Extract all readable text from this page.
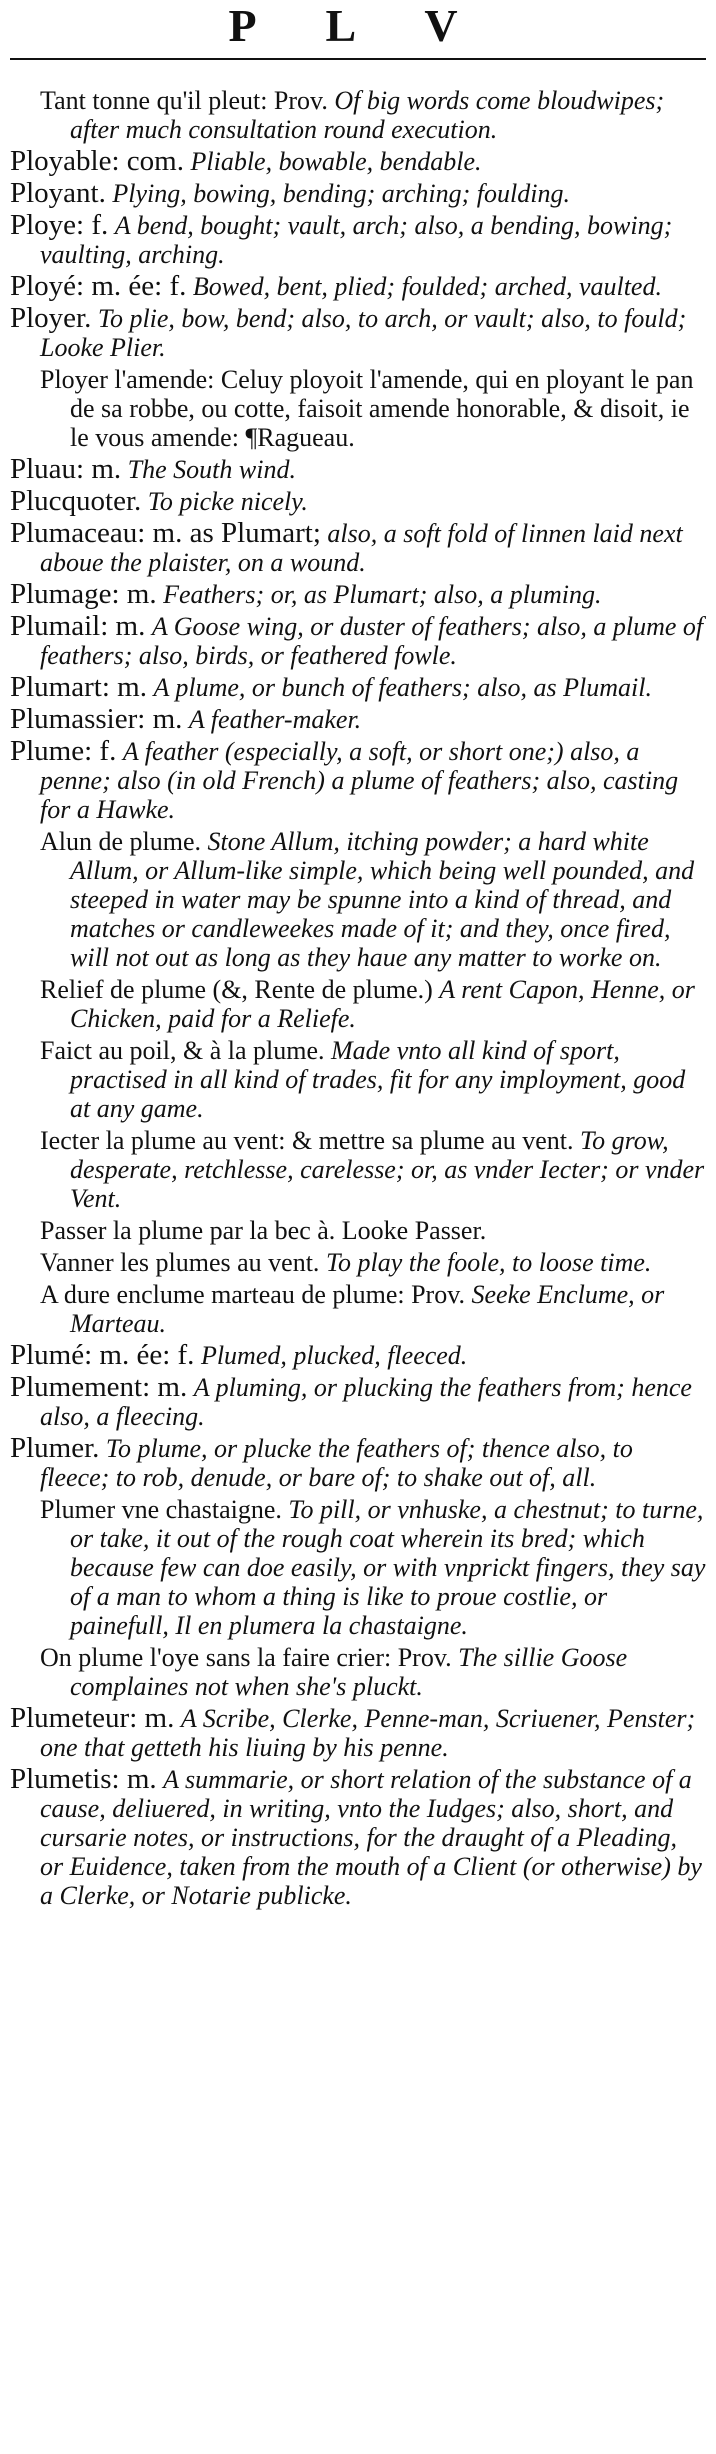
P L V
Tant tonne qu'il pleut: Prov. Of big words come bloudwipes; after much consultation round execution.
Ployable: com. Pliable, bowable, bendable.
Ployant. Plying, bowing, bending; arching; foulding.
Ploye: f. A bend, bought; vault, arch; also, a bending, bowing; vaulting, arching.
Ployé: m. ée: f. Bowed, bent, plied; foulded; arched, vaulted.
Ployer. To plie, bow, bend; also, to arch, or vault; also, to fould; Looke Plier.
Ployer l'amende: Celuy ployoit l'amende, qui en ployant le pan de sa robbe, ou cotte, faisoit amende honorable, & disoit, ie le vous amende: ¶Ragueau.
Pluau: m. The South wind.
Plucquoter. To picke nicely.
Plumaceau: m. as Plumart; also, a soft fold of linnen laid next aboue the plaister, on a wound.
Plumage: m. Feathers; or, as Plumart; also, a pluming.
Plumail: m. A Goose wing, or duster of feathers; also, a plume of feathers; also, birds, or feathered fowle.
Plumart: m. A plume, or bunch of feathers; also, as Plumail.
Plumassier: m. A feather-maker.
Plume: f. A feather (especially, a soft, or short one;) also, a penne; also (in old French) a plume of feathers; also, casting for a Hawke.
Alun de plume. Stone Allum, itching powder; a hard white Allum, or Allum-like simple, which being well pounded, and steeped in water may be spunne into a kind of thread, and matches or candleweekes made of it; and they, once fired, will not out as long as they haue any matter to worke on.
Relief de plume (&, Rente de plume.) A rent Capon, Henne, or Chicken, paid for a Reliefe.
Faict au poil, & à la plume. Made vnto all kind of sport, practised in all kind of trades, fit for any imployment, good at any game.
Iecter la plume au vent: & mettre sa plume au vent. To grow, desperate, retchlesse, carelesse; or, as vnder Iecter; or vnder Vent.
Passer la plume par la bec à. Looke Passer.
Vanner les plumes au vent. To play the foole, to loose time.
A dure enclume marteau de plume: Prov. Seeke Enclume, or Marteau.
Plumé: m. ée: f. Plumed, plucked, fleeced.
Plumement: m. A pluming, or plucking the feathers from; hence also, a fleecing.
Plumer. To plume, or plucke the feathers of; thence also, to fleece; to rob, denude, or bare of; to shake out of, all.
Plumer vne chastaigne. To pill, or vnhuske, a chestnut; to turne, or take, it out of the rough coat wherein its bred; which because few can doe easily, or with vnprickt fingers, they say of a man to whom a thing is like to proue costlie, or painefull, Il en plumera la chastaigne.
On plume l'oye sans la faire crier: Prov. The sillie Goose complaines not when she's pluckt.
Plumeteur: m. A Scribe, Clerke, Penne-man, Scriuener, Penster; one that getteth his liuing by his penne.
Plumetis: m. A summarie, or short relation of the substance of a cause, deliuered, in writing, vnto the Iudges; also, short, and cursarie notes, or instructions, for the draught of a Pleading, or Euidence, taken from the mouth of a Client (or otherwise) by a Clerke, or Notarie publicke.
